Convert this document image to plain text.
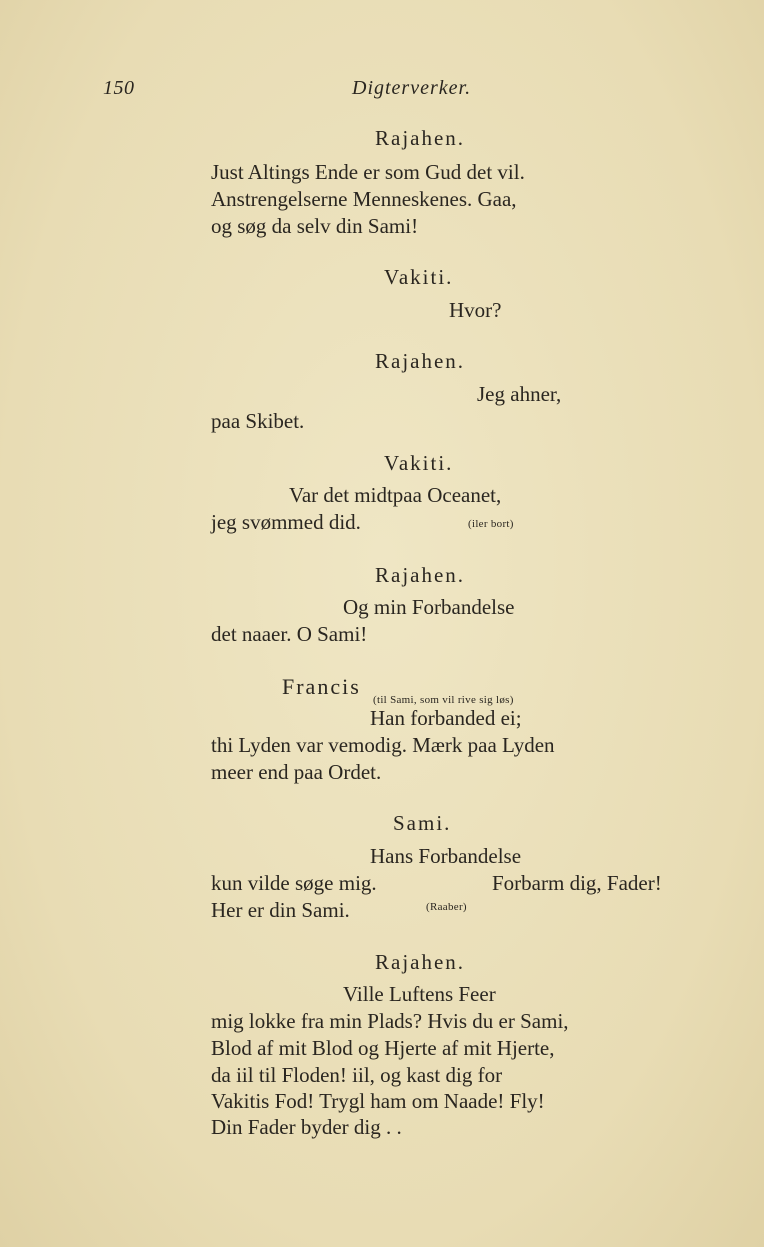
150	Digterverker.
Rajahen.
Just Altings Ende er som Gud det vil.
Anstrengelserne Menneskenes. Gaa,
og søg da selv din Sami!
Vakiti.
Hvor?
Rajahen.
Jeg ahner,
paa Skibet.
Vakiti.
Var det midtpaa Oceanet,
jeg svømmed did.	(iler bort)
Rajahen.
Og min Forbandelse
det naaer. O Sami!
Francis
(til Sami, som vil rive sig løs)
Han forbanded ei;
thi Lyden var vemodig. Mærk paa Lyden
meer end paa Ordet.
Sami.
Hans Forbandelse
kun vilde søge mig.
(Raaber)
Forbarm dig, Fader!
Her er din Sami.
Rajahen.
Ville Luftens Feer
mig lokke fra min Plads? Hvis du er Sami,
Blod af mit Blod og Hjerte af mit Hjerte,
da iil til Floden! iil, og kast dig for
Vakitis Fod! Trygl ham om Naade! Fly!
Din Fader byder dig . .
